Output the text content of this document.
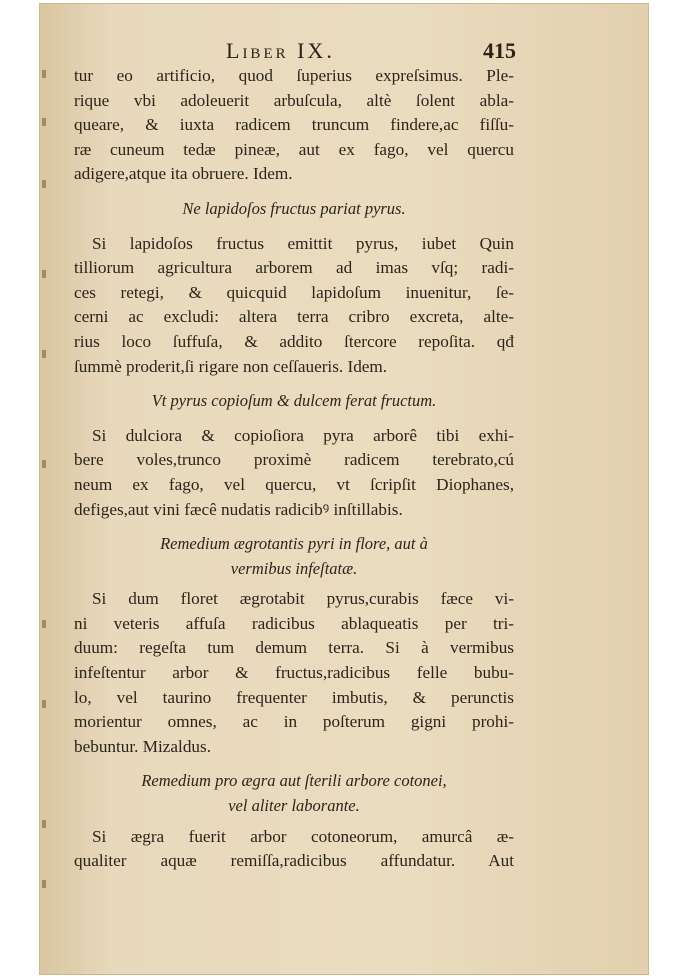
Liber IX.	415
tur eo artificio, quod ſuperius expreſsimus. Ple-
rique vbi adoleuerit arbuſcula, altè ſolent abla-
queare, & iuxta radicem truncum findere,ac fiſſu-
ræ cuneum tedæ pineæ, aut ex fago, vel quercu
adigere,atque ita obruere. Idem.
Ne lapidoſos fructus pariat pyrus.
Si lapidoſos fructus emittit pyrus, iubet Quin
tilliorum agricultura arborem ad imas vſq; radi-
ces retegi, & quicquid lapidoſum inuenitur, ſe-
cerni ac excludi: altera terra cribro excreta, alte-
rius loco ſuffuſa, & addito ſtercore repoſita. qđ
ſummè proderit,ſi rigare non ceſſaueris. Idem.
Vt pyrus copioſum & dulcem ferat fructum.
Si dulciora & copioſiora pyra arborê tibi exhi-
bere voles,trunco proximè radicem terebrato,cú
neum ex fago, vel quercu, vt ſcripſit Diophanes,
defiges,aut vini fæcê nudatis radicibꝰ inſtillabis.
Remedium ægrotantis pyri in flore, aut à
vermibus infeſtatæ.
Si dum floret ægrotabit pyrus,curabis fæce vi-
ni veteris affuſa radicibus ablaqueatis per tri-
duum: regeſta tum demum terra. Si à vermibus
infeſtentur arbor & fructus,radicibus felle bubu-
lo, vel taurino frequenter imbutis, & perunctis
morientur omnes, ac in poſterum gigni prohi-
bebuntur. Mizaldus.
Remedium pro ægra aut ſterili arbore cotonei,
vel aliter laborante.
Si ægra fuerit arbor cotoneorum, amurcâ æ-
qualiter aquæ remiſſa,radicibus affundatur. Aut
